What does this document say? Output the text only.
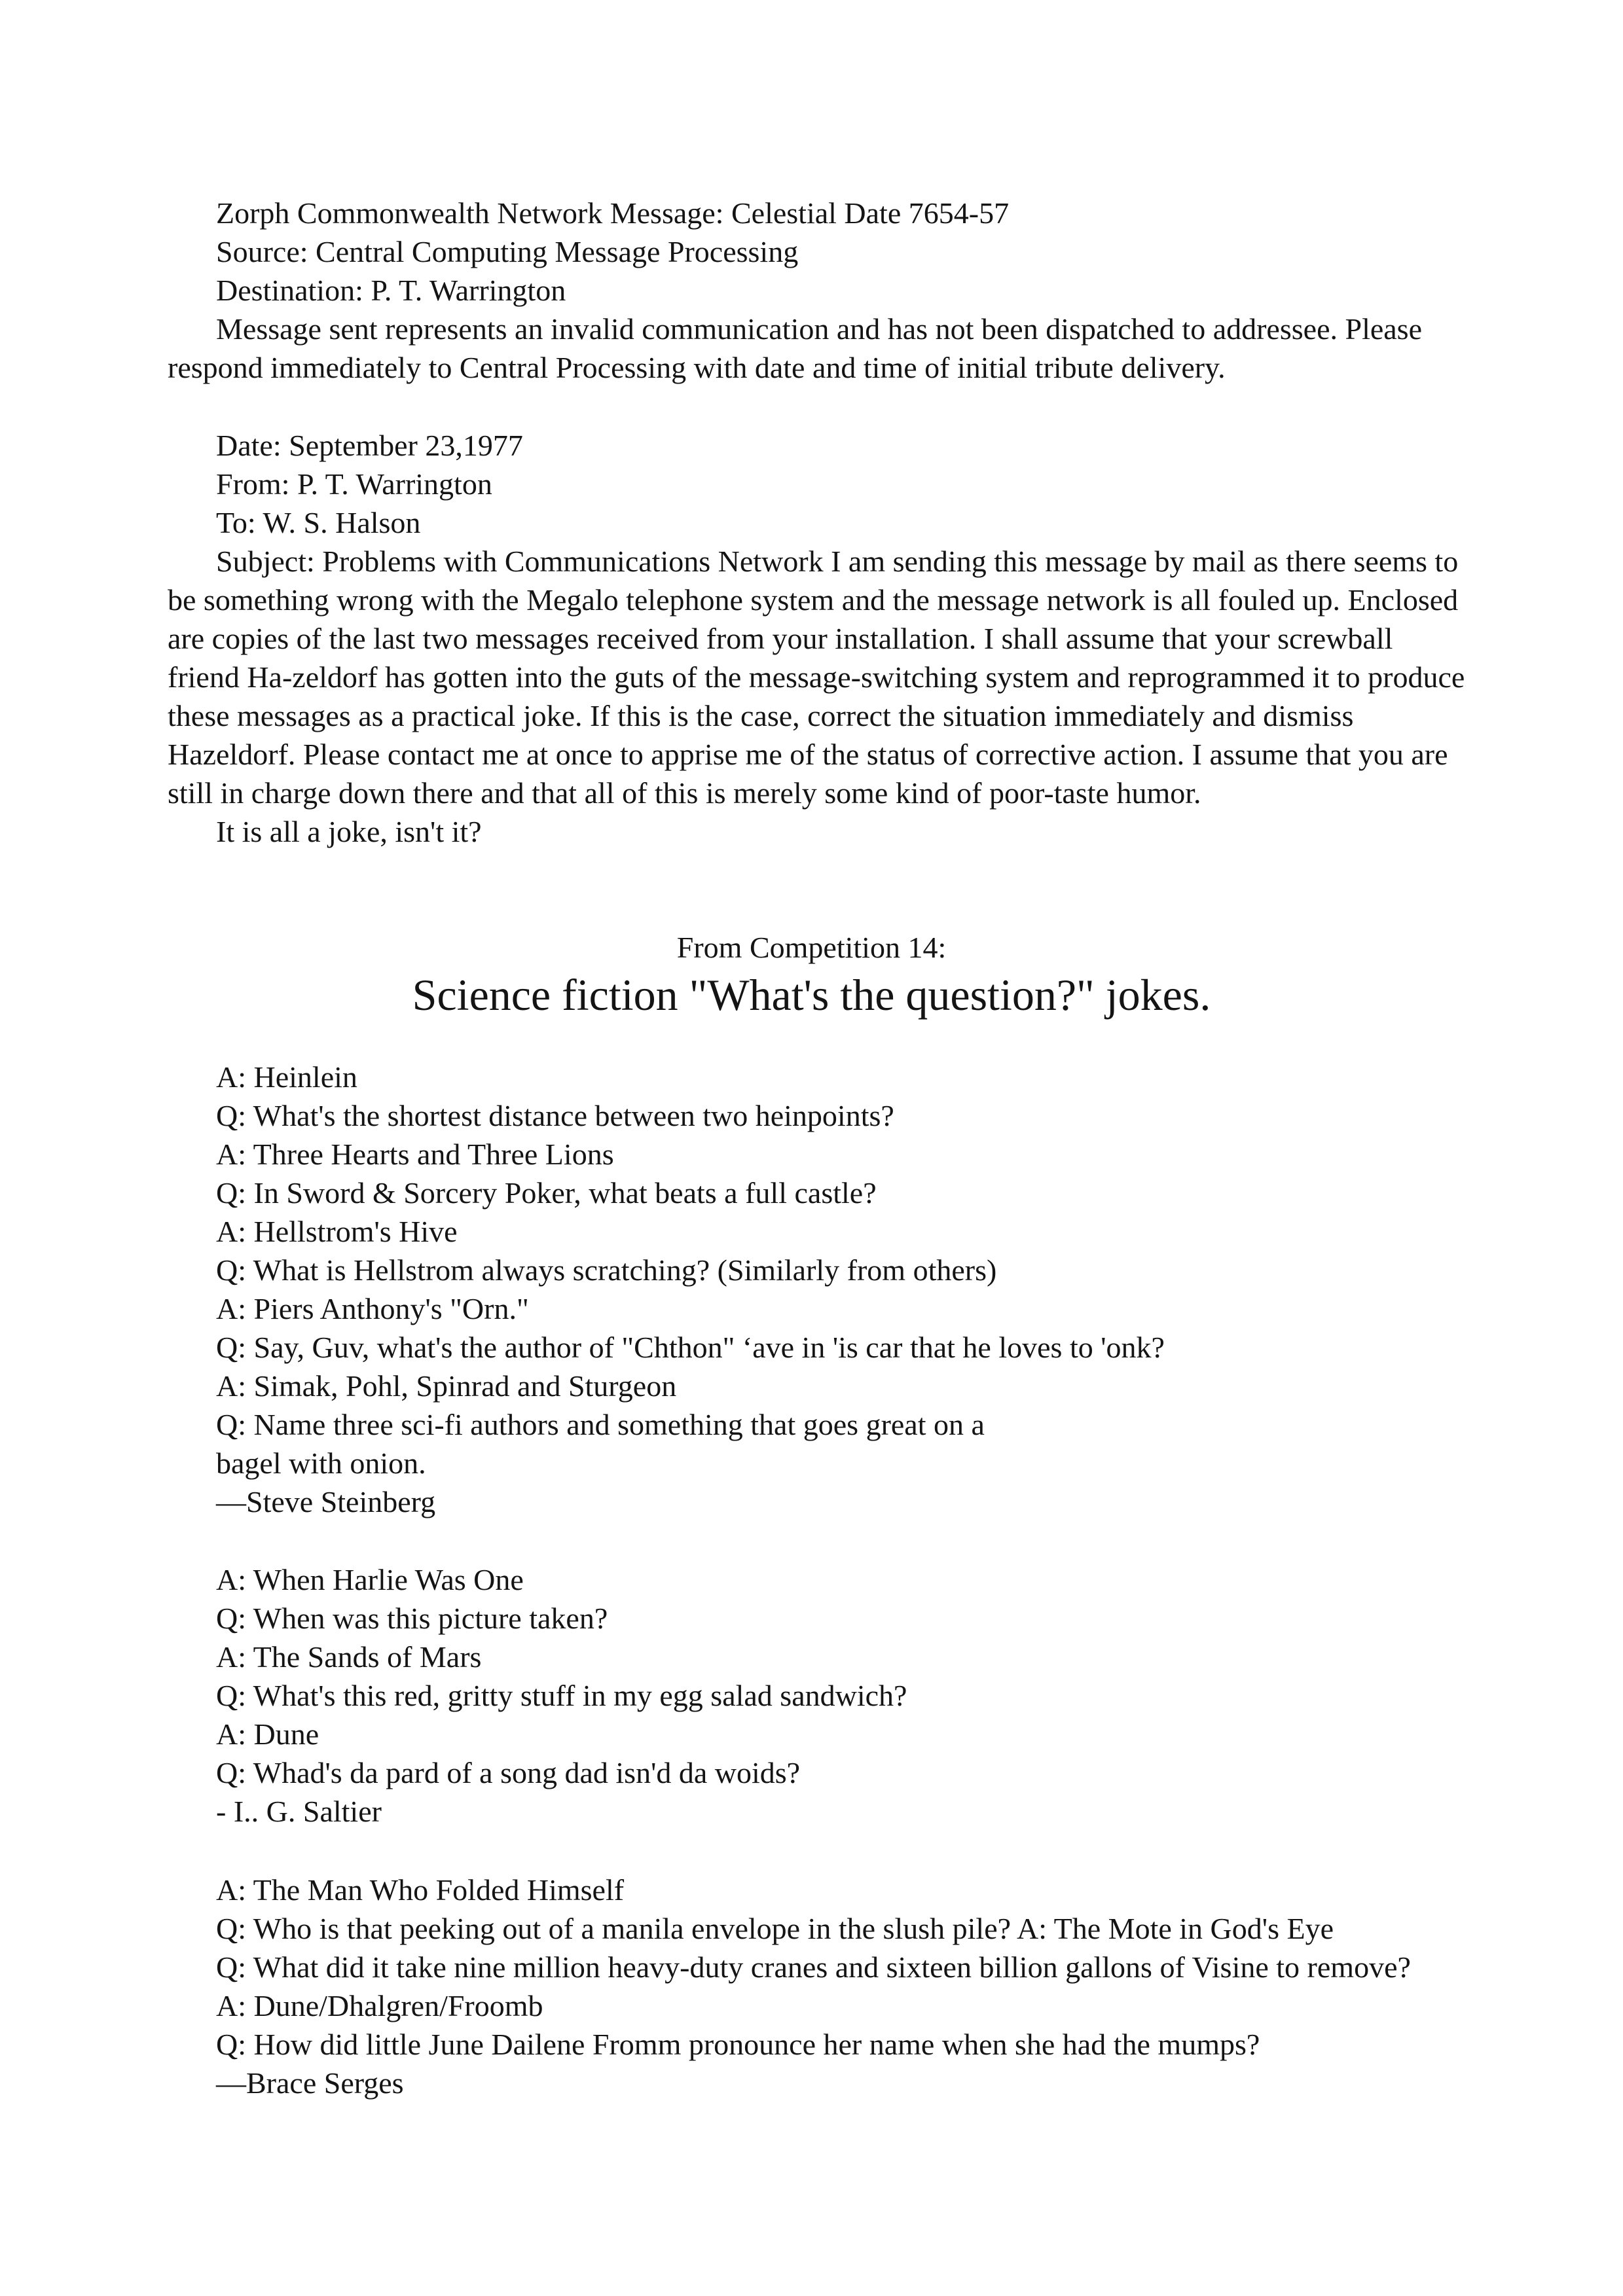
Zorph Commonwealth Network Message: Celestial Date 7654-57
Source: Central Computing Message Processing
Destination: P. T. Warrington
Message sent represents an invalid communication and has not been dispatched to addressee. Please respond immediately to Central Processing with date and time of initial tribute delivery.
Date: September 23,1977
From: P. T. Warrington
To: W. S. Halson
Subject: Problems with Communications Network I am sending this message by mail as there seems to be something wrong with the Megalo telephone system and the message network is all fouled up. Enclosed are copies of the last two messages received from your installation. I shall assume that your screwball friend Ha-zeldorf has gotten into the guts of the message-switching system and reprogrammed it to produce these messages as a practical joke. If this is the case, correct the situation immediately and dismiss Hazeldorf. Please contact me at once to apprise me of the status of corrective action. I assume that you are still in charge down there and that all of this is merely some kind of poor-taste humor.
It is all a joke, isn't it?
From Competition 14:
Science fiction "What's the question?" jokes.
A: Heinlein
Q: What's the shortest distance between two heinpoints?
A: Three Hearts and Three Lions
Q: In Sword & Sorcery Poker, what beats a full castle?
A: Hellstrom's Hive
Q: What is Hellstrom always scratching? (Similarly from others)
A: Piers Anthony's "Orn."
Q: Say, Guv, what's the author of "Chthon" ‘ave in 'is car that he loves to 'onk?
A: Simak, Pohl, Spinrad and Sturgeon
Q: Name three sci-fi authors and something that goes great on a
bagel with onion.
—Steve Steinberg
A: When Harlie Was One
Q: When was this picture taken?
A: The Sands of Mars
Q: What's this red, gritty stuff in my egg salad sandwich?
A: Dune
Q: Whad's da pard of a song dad isn'd da woids?
- I.. G. Saltier
A: The Man Who Folded Himself
Q: Who is that peeking out of a manila envelope in the slush pile? A: The Mote in God's Eye
Q: What did it take nine million heavy-duty cranes and sixteen billion gallons of Visine to remove?
A: Dune/Dhalgren/Froomb
Q: How did little June Dailene Fromm pronounce her name when she had the mumps?
—Brace Serges
